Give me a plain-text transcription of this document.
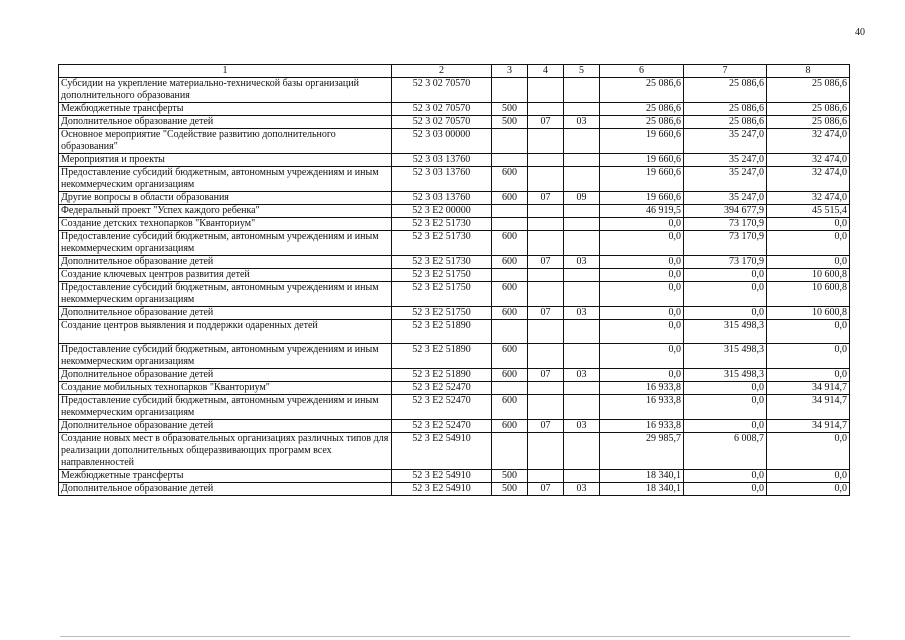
40
1	2	3	4	5	6	7	8
Субсидии на укрепление материально-технической базы организаций дополнительного образования	52 3 02 70570				25 086,6	25 086,6	25 086,6
Межбюджетные трансферты	52 3 02 70570	500			25 086,6	25 086,6	25 086,6
Дополнительное образование детей	52 3 02 70570	500	07	03	25 086,6	25 086,6	25 086,6
Основное мероприятие "Содействие развитию дополнительного образования"	52 3 03 00000				19 660,6	35 247,0	32 474,0
Мероприятия и проекты	52 3 03 13760				19 660,6	35 247,0	32 474,0
Предоставление субсидий бюджетным, автономным учреждениям и иным некоммерческим организациям	52 3 03 13760	600			19 660,6	35 247,0	32 474,0
Другие вопросы в области образования	52 3 03 13760	600	07	09	19 660,6	35 247,0	32 474,0
Федеральный проект "Успех каждого ребенка"	52 3 E2 00000				46 919,5	394 677,9	45 515,4
Создание детских технопарков "Кванториум"	52 3 E2 51730				0,0	73 170,9	0,0
Предоставление субсидий бюджетным, автономным учреждениям и иным некоммерческим организациям	52 3 E2 51730	600			0,0	73 170,9	0,0
Дополнительное образование детей	52 3 E2 51730	600	07	03	0,0	73 170,9	0,0
Создание ключевых центров развития детей	52 3 E2 51750				0,0	0,0	10 600,8
Предоставление субсидий бюджетным, автономным учреждениям и иным некоммерческим организациям	52 3 E2 51750	600			0,0	0,0	10 600,8
Дополнительное образование детей	52 3 E2 51750	600	07	03	0,0	0,0	10 600,8
Создание центров выявления и поддержки одаренных детей	52 3 E2 51890				0,0	315 498,3	0,0
Предоставление субсидий бюджетным, автономным учреждениям и иным некоммерческим организациям	52 3 E2 51890	600			0,0	315 498,3	0,0
Дополнительное образование детей	52 3 E2 51890	600	07	03	0,0	315 498,3	0,0
Создание мобильных технопарков "Кванториум"	52 3 E2 52470				16 933,8	0,0	34 914,7
Предоставление субсидий бюджетным, автономным учреждениям и иным некоммерческим организациям	52 3 E2 52470	600			16 933,8	0,0	34 914,7
Дополнительное образование детей	52 3 E2 52470	600	07	03	16 933,8	0,0	34 914,7
Создание новых мест в образовательных организациях различных типов для реализации дополнительных общеразвивающих программ всех направленностей	52 3 E2 54910				29 985,7	6 008,7	0,0
Межбюджетные трансферты	52 3 E2 54910	500			18 340,1	0,0	0,0
Дополнительное образование детей	52 3 E2 54910	500	07	03	18 340,1	0,0	0,0
